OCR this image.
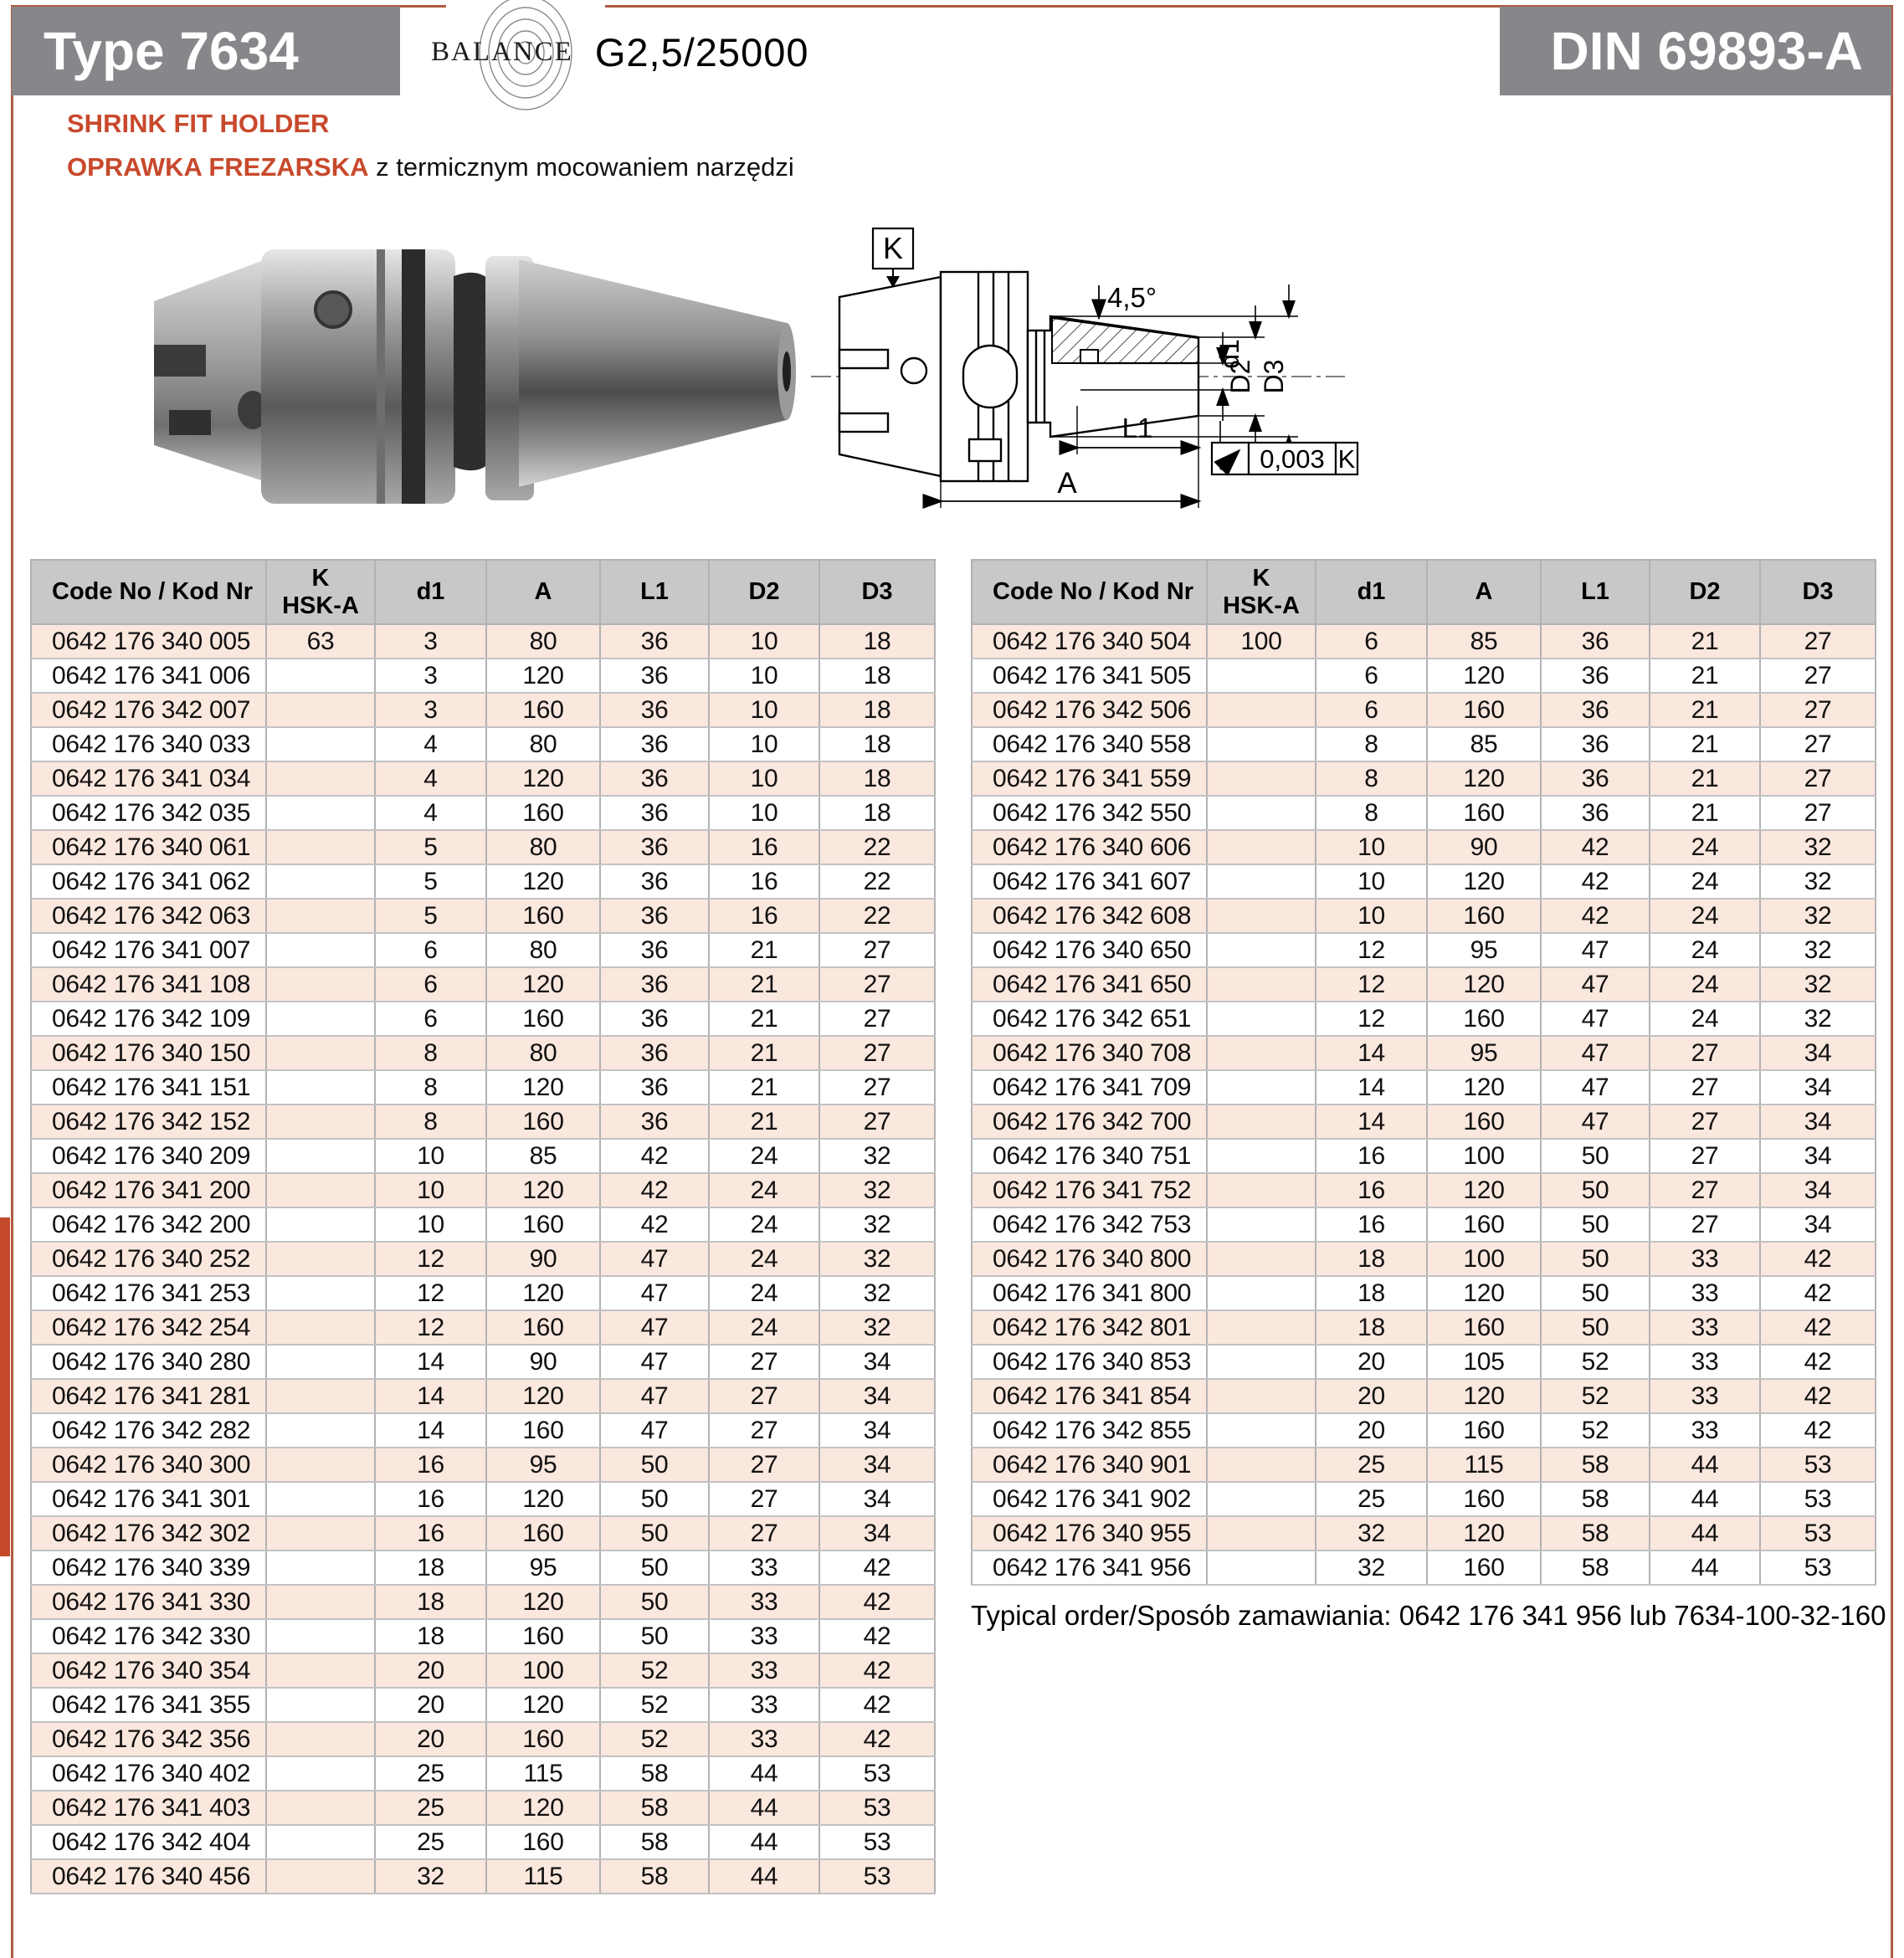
Type 7634	DIN 69893-A
BALANCE G2,5/25000
SHRINK FIT HOLDER
OPRAWKA FREZARSKA z termicznym mocowaniem narzędzi
K
4,5°
d1
D2 D3
L1
A
0,003 K
Code No / Kod Nr	K
HSK-A	d1	A	L1	D2	D3
0642 176 340 005	63	3	80	36	10	18
0642 176 341 006		3	120	36	10	18
0642 176 342 007		3	160	36	10	18
0642 176 340 033		4	80	36	10	18
0642 176 341 034		4	120	36	10	18
0642 176 342 035		4	160	36	10	18
0642 176 340 061		5	80	36	16	22
0642 176 341 062		5	120	36	16	22
0642 176 342 063		5	160	36	16	22
0642 176 341 007		6	80	36	21	27
0642 176 341 108		6	120	36	21	27
0642 176 342 109		6	160	36	21	27
0642 176 340 150		8	80	36	21	27
0642 176 341 151		8	120	36	21	27
0642 176 342 152		8	160	36	21	27
0642 176 340 209		10	85	42	24	32
0642 176 341 200		10	120	42	24	32
0642 176 342 200		10	160	42	24	32
0642 176 340 252		12	90	47	24	32
0642 176 341 253		12	120	47	24	32
0642 176 342 254		12	160	47	24	32
0642 176 340 280		14	90	47	27	34
0642 176 341 281		14	120	47	27	34
0642 176 342 282		14	160	47	27	34
0642 176 340 300		16	95	50	27	34
0642 176 341 301		16	120	50	27	34
0642 176 342 302		16	160	50	27	34
0642 176 340 339		18	95	50	33	42
0642 176 341 330		18	120	50	33	42
0642 176 342 330		18	160	50	33	42
0642 176 340 354		20	100	52	33	42
0642 176 341 355		20	120	52	33	42
0642 176 342 356		20	160	52	33	42
0642 176 340 402		25	115	58	44	53
0642 176 341 403		25	120	58	44	53
0642 176 342 404		25	160	58	44	53
0642 176 340 456		32	115	58	44	53
Code No / Kod Nr	K
HSK-A	d1	A	L1	D2	D3
0642 176 340 504	100	6	85	36	21	27
0642 176 341 505		6	120	36	21	27
0642 176 342 506		6	160	36	21	27
0642 176 340 558		8	85	36	21	27
0642 176 341 559		8	120	36	21	27
0642 176 342 550		8	160	36	21	27
0642 176 340 606		10	90	42	24	32
0642 176 341 607		10	120	42	24	32
0642 176 342 608		10	160	42	24	32
0642 176 340 650		12	95	47	24	32
0642 176 341 650		12	120	47	24	32
0642 176 342 651		12	160	47	24	32
0642 176 340 708		14	95	47	27	34
0642 176 341 709		14	120	47	27	34
0642 176 342 700		14	160	47	27	34
0642 176 340 751		16	100	50	27	34
0642 176 341 752		16	120	50	27	34
0642 176 342 753		16	160	50	27	34
0642 176 340 800		18	100	50	33	42
0642 176 341 800		18	120	50	33	42
0642 176 342 801		18	160	50	33	42
0642 176 340 853		20	105	52	33	42
0642 176 341 854		20	120	52	33	42
0642 176 342 855		20	160	52	33	42
0642 176 340 901		25	115	58	44	53
0642 176 341 902		25	160	58	44	53
0642 176 340 955		32	120	58	44	53
0642 176 341 956		32	160	58	44	53
Typical order/Sposób zamawiania: 0642 176 341 956 lub 7634-100-32-160
